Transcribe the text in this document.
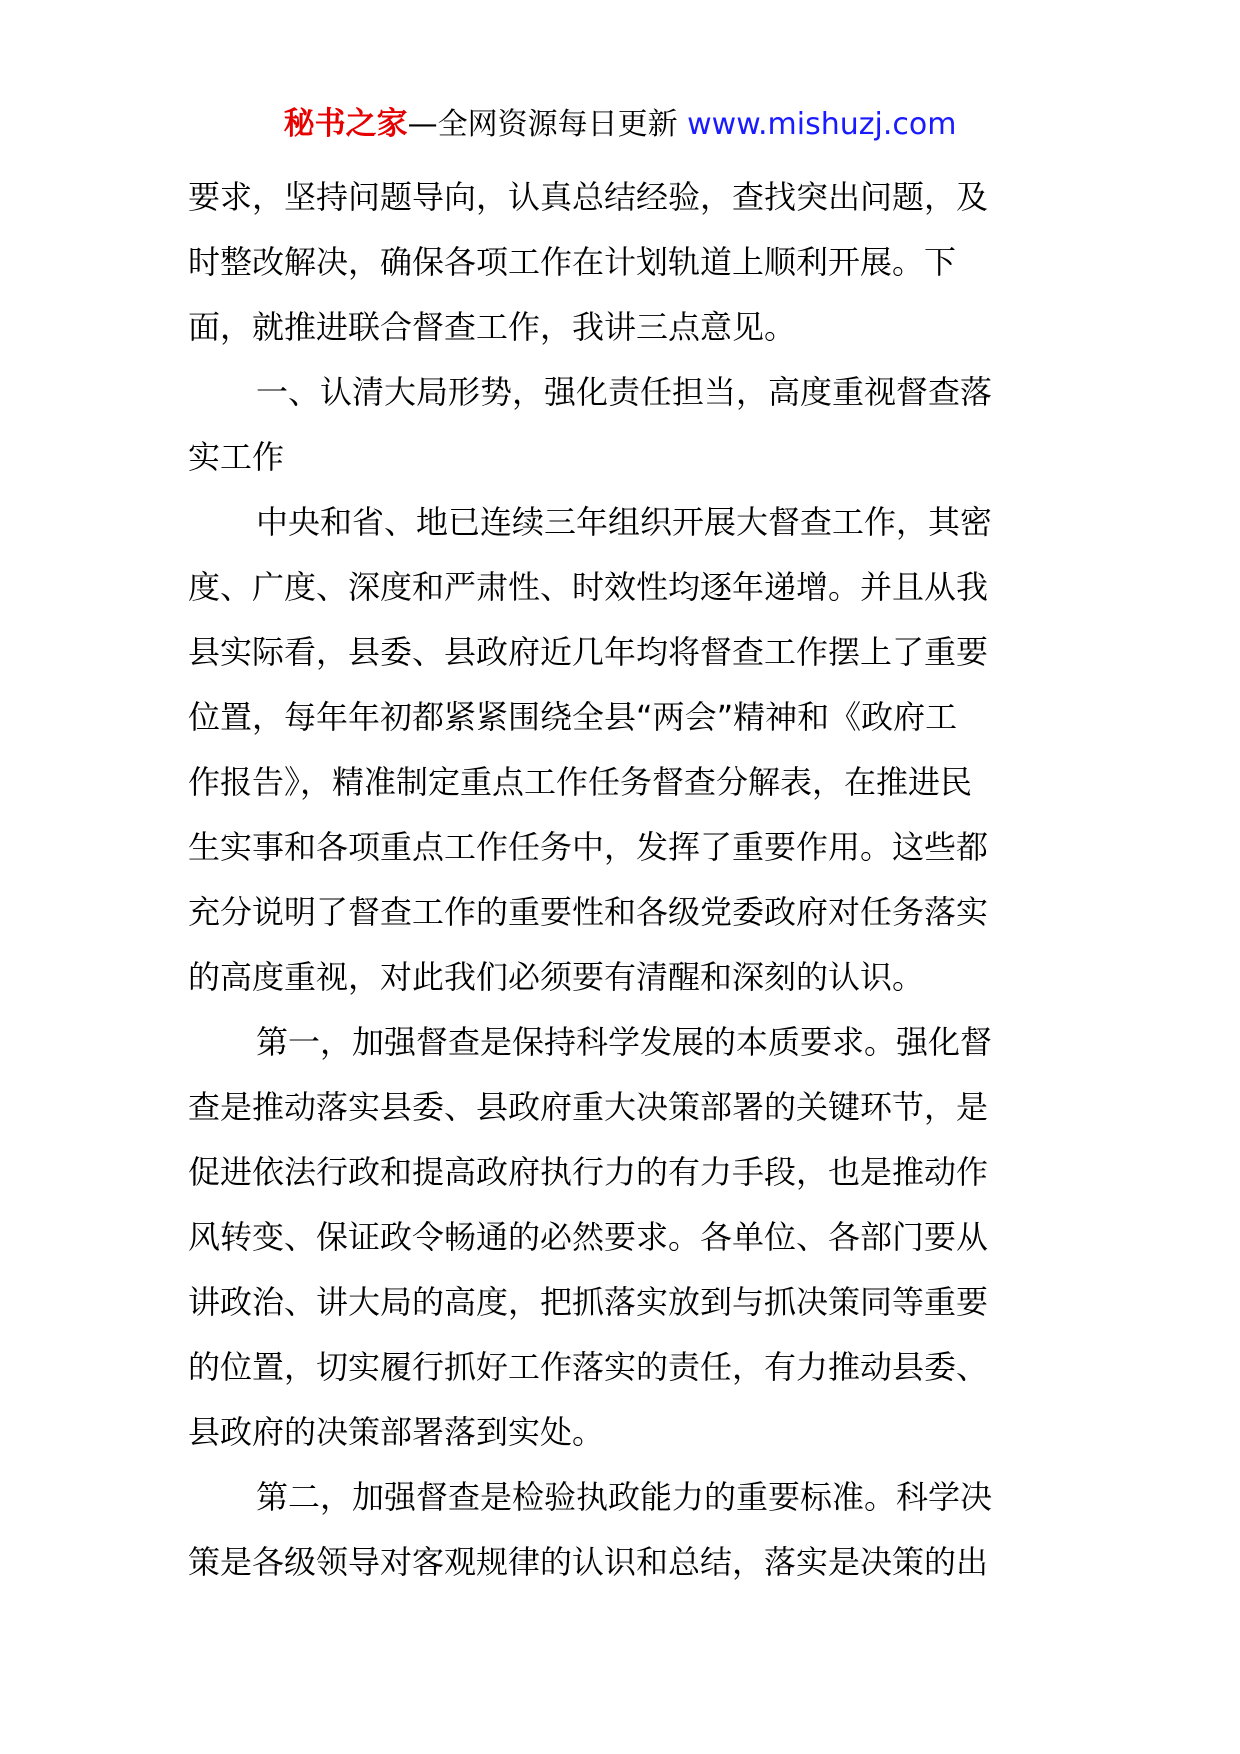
秘书之家—全网资源每日更新 www.mishuzj.com

要求，坚持问题导向，认真总结经验，查找突出问题，及
时整改解决，确保各项工作在计划轨道上顺利开展。下
面，就推进联合督查工作，我讲三点意见。

一、认清大局形势，强化责任担当，高度重视督查落
实工作

中央和省、地已连续三年组织开展大督查工作，其密
度、广度、深度和严肃性、时效性均逐年递增。并且从我
县实际看，县委、县政府近几年均将督查工作摆上了重要
位置，每年年初都紧紧围绕全县“两会”精神和《政府工
作报告》，精准制定重点工作任务督查分解表，在推进民
生实事和各项重点工作任务中，发挥了重要作用。这些都
充分说明了督查工作的重要性和各级党委政府对任务落实
的高度重视，对此我们必须要有清醒和深刻的认识。

第一，加强督查是保持科学发展的本质要求。强化督
查是推动落实县委、县政府重大决策部署的关键环节，是
促进依法行政和提高政府执行力的有力手段，也是推动作
风转变、保证政令畅通的必然要求。各单位、各部门要从
讲政治、讲大局的高度，把抓落实放到与抓决策同等重要
的位置，切实履行抓好工作落实的责任，有力推动县委、
县政府的决策部署落到实处。

第二，加强督查是检验执政能力的重要标准。科学决
策是各级领导对客观规律的认识和总结，落实是决策的出
